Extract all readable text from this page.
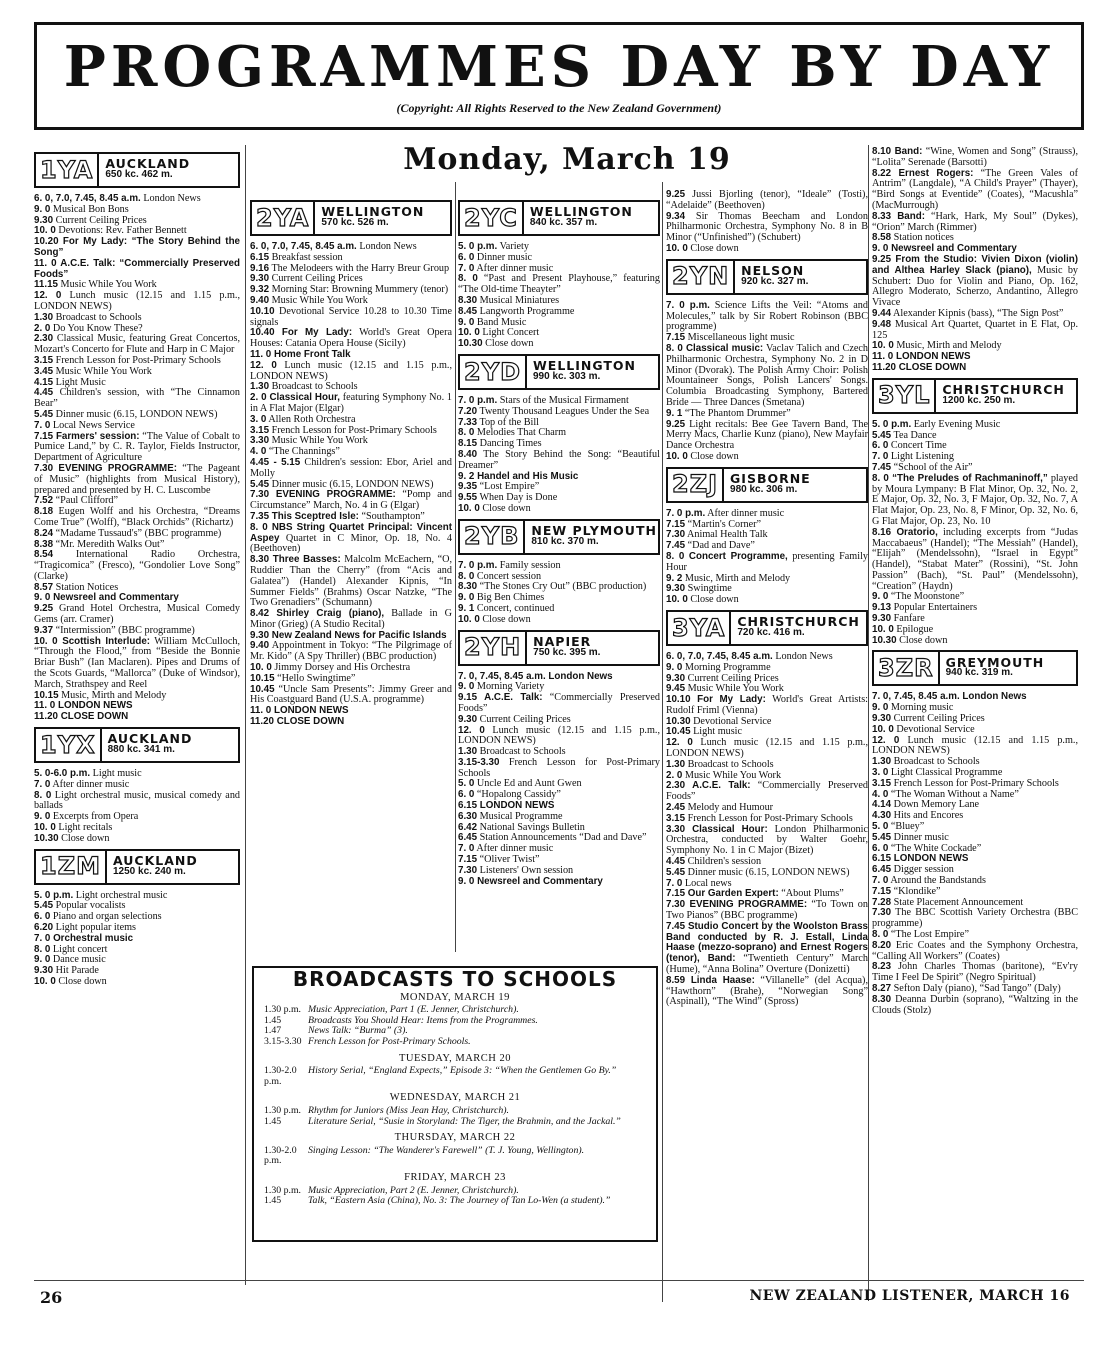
PROGRAMMES DAY BY DAY
(Copyright: All Rights Reserved to the New Zealand Government)
Monday, March 19
1YA AUCKLAND
650 kc. 462 m.

6. 0, 7.0, 7.45, 8.45 a.m. London News

9. 0 Musical Bon Bons

9.30 Current Ceiling Prices

10. 0 Devotions: Rev. Father Bennett

10.20 For My Lady: “The Story Behind the Song”

11. 0 A.C.E. Talk: “Commercially Preserved Foods”

11.15 Music While You Work

12. 0 Lunch music (12.15 and 1.15 p.m., LONDON NEWS)

1.30 Broadcast to Schools

2. 0 Do You Know These?

2.30 Classical Music, featuring Great Concertos, Mozart's Concerto for Flute and Harp in C Major

3.15 French Lesson for Post-Primary Schools

3.45 Music While You Work

4.15 Light Music

4.45 Children's session, with “The Cinnamon Bear”

5.45 Dinner music (6.15, LONDON NEWS)

7. 0 Local News Service

7.15 Farmers' session: “The Value of Cobalt to Pumice Land,” by C. R. Taylor, Fields Instructor, Department of Agriculture

7.30 EVENING PROGRAMME: “The Pageant of Music” (highlights from Musical History), prepared and presented by H. C. Luscombe

7.52 “Paul Clifford”

8.18 Eugen Wolff and his Orchestra, “Dreams Come True” (Wolff), “Black Orchids” (Richartz)

8.24 “Madame Tussaud's” (BBC programme)

8.38 “Mr. Meredith Walks Out”

8.54 International Radio Orchestra, “Tragicomica” (Fresco), “Gondolier Love Song” (Clarke)

8.57 Station Notices

9. 0 Newsreel and Commentary

9.25 Grand Hotel Orchestra, Musical Comedy Gems (arr. Cramer)

9.37 “Intermission” (BBC programme)

10. 0 Scottish Interlude: William McCulloch, “Through the Flood,” from “Beside the Bonnie Briar Bush” (Ian Maclaren). Pipes and Drums of the Scots Guards, “Mallorca” (Duke of Windsor), March, Strathspey and Reel

10.15 Music, Mirth and Melody

11. 0 LONDON NEWS

11.20 CLOSE DOWN

1YX AUCKLAND
880 kc. 341 m.

5. 0-6.0 p.m. Light music

7. 0 After dinner music

8. 0 Light orchestral music, musical comedy and ballads

9. 0 Excerpts from Opera

10. 0 Light recitals

10.30 Close down

1ZM AUCKLAND
1250 kc. 240 m.

5. 0 p.m. Light orchestral music

5.45 Popular vocalists

6. 0 Piano and organ selections

6.20 Light popular items

7. 0 Orchestral music

8. 0 Light concert

9. 0 Dance music

9.30 Hit Parade

10. 0 Close down

2YA WELLINGTON
570 kc. 526 m.

6. 0, 7.0, 7.45, 8.45 a.m. London News

6.15 Breakfast session

9.16 The Melodeers with the Harry Breur Group

9.30 Current Ceiling Prices

9.32 Morning Star: Browning Mummery (tenor)

9.40 Music While You Work

10.10 Devotional Service 10.28 to 10.30 Time signals

10.40 For My Lady: World's Great Opera Houses: Catania Opera House (Sicily)

11. 0 Home Front Talk

12. 0 Lunch music (12.15 and 1.15 p.m., LONDON NEWS)

1.30 Broadcast to Schools

2. 0 Classical Hour, featuring Symphony No. 1 in A Flat Major (Elgar)

3. 0 Allen Roth Orchestra

3.15 French Lesson for Post-Primary Schools

3.30 Music While You Work

4. 0 “The Channings”

4.45 - 5.15 Children's session: Ebor, Ariel and Molly

5.45 Dinner music (6.15, LONDON NEWS)

7.30 EVENING PROGRAMME: “Pomp and Circumstance” March, No. 4 in G (Elgar)

7.35 This Sceptred Isle: “Southampton”

8. 0 NBS String Quartet Principal: Vincent Aspey Quartet in C Minor, Op. 18, No. 4 (Beethoven)

8.30 Three Basses: Malcolm McEachern, “O, Ruddier Than the Cherry” (from “Acis and Galatea”) (Handel) Alexander Kipnis, “In Summer Fields” (Brahms) Oscar Natzke, “The Two Grenadiers” (Schumann)

8.42 Shirley Craig (piano), Ballade in G Minor (Grieg) (A Studio Recital)

9.30 New Zealand News for Pacific Islands

9.40 Appointment in Tokyo: “The Pilgrimage of Mr. Kido” (A Spy Thriller) (BBC production)

10. 0 Jimmy Dorsey and His Orchestra

10.15 “Hello Swingtime”

10.45 “Uncle Sam Presents”: Jimmy Greer and His Coastguard Band (U.S.A. programme)

11. 0 LONDON NEWS

11.20 CLOSE DOWN

2YC WELLINGTON
840 kc. 357 m.

5. 0 p.m. Variety

6. 0 Dinner music

7. 0 After dinner music

8. 0 “Past and Present Playhouse,” featuring “The Old-time Theayter”

8.30 Musical Miniatures

8.45 Langworth Programme

9. 0 Band Music

10. 0 Light Concert

10.30 Close down

2YD WELLINGTON
990 kc. 303 m.

7. 0 p.m. Stars of the Musical Firmament

7.20 Twenty Thousand Leagues Under the Sea

7.33 Top of the Bill

8. 0 Melodies That Charm

8.15 Dancing Times

8.40 The Story Behind the Song: “Beautiful Dreamer”

9. 2 Handel and His Music

9.35 “Lost Empire”

9.55 When Day is Done

10. 0 Close down

2YB NEW PLYMOUTH
810 kc. 370 m.

7. 0 p.m. Family session

8. 0 Concert session

8.30 “The Stones Cry Out” (BBC production)

9. 0 Big Ben Chimes

9. 1 Concert, continued

10. 0 Close down

2YH NAPIER
750 kc. 395 m.

7. 0, 7.45, 8.45 a.m. London News

9. 0 Morning Variety

9.15 A.C.E. Talk: “Commercially Preserved Foods”

9.30 Current Ceiling Prices

12. 0 Lunch music (12.15 and 1.15 p.m., LONDON NEWS)

1.30 Broadcast to Schools

3.15-3.30 French Lesson for Post-Primary Schools

5. 0 Uncle Ed and Aunt Gwen

6. 0 “Hopalong Cassidy”

6.15 LONDON NEWS

6.30 Musical Programme

6.42 National Savings Bulletin

6.45 Station Announcements “Dad and Dave”

7. 0 After dinner music

7.15 “Oliver Twist”

7.30 Listeners' Own session

9. 0 Newsreel and Commentary

9.25 Jussi Bjorling (tenor), “Ideale” (Tosti), “Adelaide” (Beethoven)

9.34 Sir Thomas Beecham and London Philharmonic Orchestra, Symphony No. 8 in B Minor (“Unfinished”) (Schubert)

10. 0 Close down

2YN NELSON
920 kc. 327 m.

7. 0 p.m. Science Lifts the Veil: “Atoms and Molecules,” talk by Sir Robert Robinson (BBC programme)

7.15 Miscellaneous light music

8. 0 Classical music: Vaclav Talich and Czech Philharmonic Orchestra, Symphony No. 2 in D Minor (Dvorak). The Polish Army Choir: Polish Mountaineer Songs, Polish Lancers' Songs. Columbia Broadcasting Symphony, Bartered Bride — Three Dances (Smetana)

9. 1 “The Phantom Drummer”

9.25 Light recitals: Bee Gee Tavern Band, The Merry Macs, Charlie Kunz (piano), New Mayfair Dance Orchestra

10. 0 Close down

2ZJ GISBORNE
980 kc. 306 m.

7. 0 p.m. After dinner music

7.15 “Martin's Corner”

7.30 Animal Health Talk

7.45 “Dad and Dave”

8. 0 Concert Programme, presenting Family Hour

9. 2 Music, Mirth and Melody

9.30 Swingtime

10. 0 Close down

3YA CHRISTCHURCH
720 kc. 416 m.

6. 0, 7.0, 7.45, 8.45 a.m. London News

9. 0 Morning Programme

9.30 Current Ceiling Prices

9.45 Music While You Work

10.10 For My Lady: World's Great Artists: Rudolf Friml (Vienna)

10.30 Devotional Service

10.45 Light music

12. 0 Lunch music (12.15 and 1.15 p.m., LONDON NEWS)

1.30 Broadcast to Schools

2. 0 Music While You Work

2.30 A.C.E. Talk: “Commercially Preserved Foods”

2.45 Melody and Humour

3.15 French Lesson for Post-Primary Schools

3.30 Classical Hour: London Philharmonic Orchestra, conducted by Walter Goehr, Symphony No. 1 in C Major (Bizet)

4.45 Children's session

5.45 Dinner music (6.15, LONDON NEWS)

7. 0 Local news

7.15 Our Garden Expert: “About Plums”

7.30 EVENING PROGRAMME: “To Town on Two Pianos” (BBC programme)

7.45 Studio Concert by the Woolston Brass Band conducted by R. J. Estall, Linda Haase (mezzo-soprano) and Ernest Rogers (tenor), Band: “Twentieth Century” March (Hume), “Anna Bolina” Overture (Donizetti)

8.59 Linda Haase: “Villanelle” (del Acqua), “Hawthorn” (Brahe), “Norwegian Song” (Aspinall), “The Wind” (Spross)

8.10 Band: “Wine, Women and Song” (Strauss), “Lolita” Serenade (Barsotti)

8.22 Ernest Rogers: “The Green Vales of Antrim” (Langdale), “A Child's Prayer” (Thayer), “Bird Songs at Eventide” (Coates), “Macushla” (MacMurrough)

8.33 Band: “Hark, Hark, My Soul” (Dykes), “Orion” March (Rimmer)

8.58 Station notices

9. 0 Newsreel and Commentary

9.25 From the Studio: Vivien Dixon (violin) and Althea Harley Slack (piano), Music by Schubert: Duo for Violin and Piano, Op. 162, Allegro Moderato, Scherzo, Andantino, Allegro Vivace

9.44 Alexander Kipnis (bass), “The Sign Post”

9.48 Musical Art Quartet, Quartet in E Flat, Op. 125

10. 0 Music, Mirth and Melody

11. 0 LONDON NEWS

11.20 CLOSE DOWN

3YL CHRISTCHURCH
1200 kc. 250 m.

5. 0 p.m. Early Evening Music

5.45 Tea Dance

6. 0 Concert Time

7. 0 Light Listening

7.45 “School of the Air”

8. 0 “The Preludes of Rachmaninoff,” played by Moura Lympany: B Flat Minor, Op. 32, No. 2, E Major, Op. 32, No. 3, F Major, Op. 32, No. 7, A Flat Major, Op. 23, No. 8, F Minor, Op. 32, No. 6, G Flat Major, Op. 23, No. 10

8.16 Oratorio, including excerpts from “Judas Maccabaeus” (Handel); “The Messiah” (Handel), “Elijah” (Mendelssohn), “Israel in Egypt” (Handel), “Stabat Mater” (Rossini), “St. John Passion” (Bach), “St. Paul” (Mendelssohn), “Creation” (Haydn)

9. 0 “The Moonstone”

9.13 Popular Entertainers

9.30 Fanfare

10. 0 Epilogue

10.30 Close down

3ZR GREYMOUTH
940 kc. 319 m.

7. 0, 7.45, 8.45 a.m. London News

9. 0 Morning music

9.30 Current Ceiling Prices

10. 0 Devotional Service

12. 0 Lunch music (12.15 and 1.15 p.m., LONDON NEWS)

1.30 Broadcast to Schools

3. 0 Light Classical Programme

3.15 French Lesson for Post-Primary Schools

4. 0 “The Woman Without a Name”

4.14 Down Memory Lane

4.30 Hits and Encores

5. 0 “Bluey”

5.45 Dinner music

6. 0 “The White Cockade”

6.15 LONDON NEWS

6.45 Digger session

7. 0 Around the Bandstands

7.15 “Klondike”

7.28 State Placement Announcement

7.30 The BBC Scottish Variety Orchestra (BBC programme)

8. 0 “The Lost Empire”

8.20 Eric Coates and the Symphony Orchestra, “Calling All Workers” (Coates)

8.23 John Charles Thomas (baritone), “Ev'ry Time I Feel De Spirit” (Negro Spiritual)

8.27 Sefton Daly (piano), “Sad Tango” (Daly)

8.30 Deanna Durbin (soprano), “Waltzing in the Clouds (Stolz)

BROADCASTS TO SCHOOLS
MONDAY, MARCH 19
1.30 p.m. Music Appreciation, Part 1 (E. Jenner, Christchurch).
1.45	Broadcasts You Should Hear: Items from the Programmes.
1.47	News Talk: “Burma” (3).
3.15-3.30 French Lesson for Post-Primary Schools.
TUESDAY, MARCH 20
1.30-2.0 p.m.
History Serial, “England Expects,” Episode 3: “When the Gentlemen Go By.”
WEDNESDAY, MARCH 21
1.30 p.m. Rhythm for Juniors (Miss Jean Hay, Christchurch).
1.45	Literature Serial, “Susie in Storyland: The Tiger, the Brahmin, and the Jackal.”
THURSDAY, MARCH 22
1.30-2.0 p.m.
Singing Lesson: “The Wanderer's Farewell” (T. J. Young, Wellington).
FRIDAY, MARCH 23
1.30 p.m. Music Appreciation, Part 2 (E. Jenner, Christchurch).
1.45	Talk, “Eastern Asia (China), No. 3: The Journey of Tan Lo-Wen (a student).”
26	NEW ZEALAND LISTENER, MARCH 16
